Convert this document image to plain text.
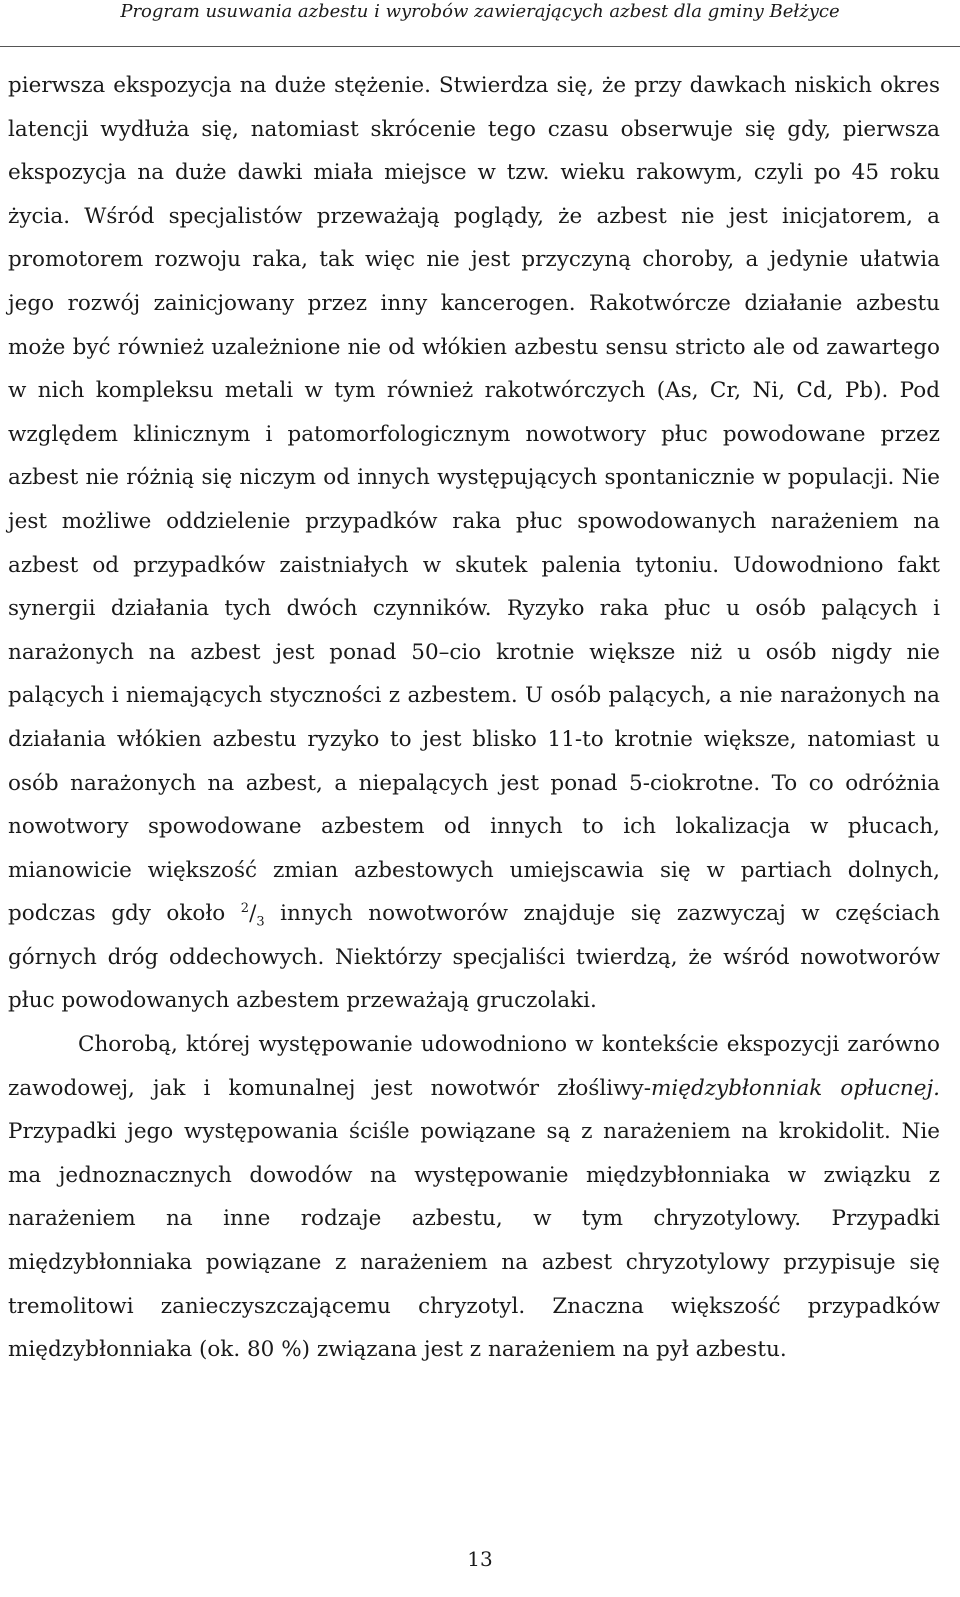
Program usuwania azbestu i wyrobów zawierających azbest dla gminy Bełżyce

pierwsza ekspozycja na duże stężenie. Stwierdza się, że przy dawkach niskich okres latencji wydłuża się, natomiast skrócenie tego czasu obserwuje się gdy, pierwsza ekspozycja na duże dawki miała miejsce w tzw. wieku rakowym, czyli po 45 roku życia. Wśród specjalistów przeważają poglądy, że azbest nie jest inicjatorem, a promotorem rozwoju raka, tak więc nie jest przyczyną choroby, a jedynie ułatwia jego rozwój zainicjowany przez inny kancerogen. Rakotwórcze działanie azbestu może być również uzależnione nie od włókien azbestu sensu stricto ale od zawartego w nich kompleksu metali w tym również rakotwórczych (As, Cr, Ni, Cd, Pb). Pod względem klinicznym i patomorfologicznym nowotwory płuc powodowane przez azbest nie różnią się niczym od innych występujących spontanicznie w populacji. Nie jest możliwe oddzielenie przypadków raka płuc spowodowanych narażeniem na azbest od przypadków zaistniałych w skutek palenia tytoniu. Udowodniono fakt synergii działania tych dwóch czynników. Ryzyko raka płuc u osób palących i narażonych na azbest jest ponad 50–cio krotnie większe niż u osób nigdy nie palących i niemających styczności z azbestem. U osób palących, a nie narażonych na działania włókien azbestu ryzyko to jest blisko 11-to krotnie większe, natomiast u osób narażonych na azbest, a niepalących jest ponad 5-ciokrotne. To co odróżnia nowotwory spowodowane azbestem od innych to ich lokalizacja w płucach, mianowicie większość zmian azbestowych umiejscawia się w partiach dolnych, podczas gdy około $^2/_3$ innych nowotworów znajduje się zazwyczaj w częściach górnych dróg oddechowych. Niektórzy specjaliści twierdzą, że wśród nowotworów płuc powodowanych azbestem przeważają gruczolaki.

Chorobą, której występowanie udowodniono w kontekście ekspozycji zarówno zawodowej, jak i komunalnej jest nowotwór złośliwy-międzybłonniak opłucnej. Przypadki jego występowania ściśle powiązane są z narażeniem na krokidolit. Nie ma jednoznacznych dowodów na występowanie międzybłonniaka w związku z narażeniem na inne rodzaje azbestu, w tym chryzotylowy. Przypadki międzybłonniaka powiązane z narażeniem na azbest chryzotylowy przypisuje się tremolitowi zanieczyszczającemu chryzotyl. Znaczna większość przypadków międzybłonniaka (ok. 80 %) związana jest z narażeniem na pył azbestu.

13
